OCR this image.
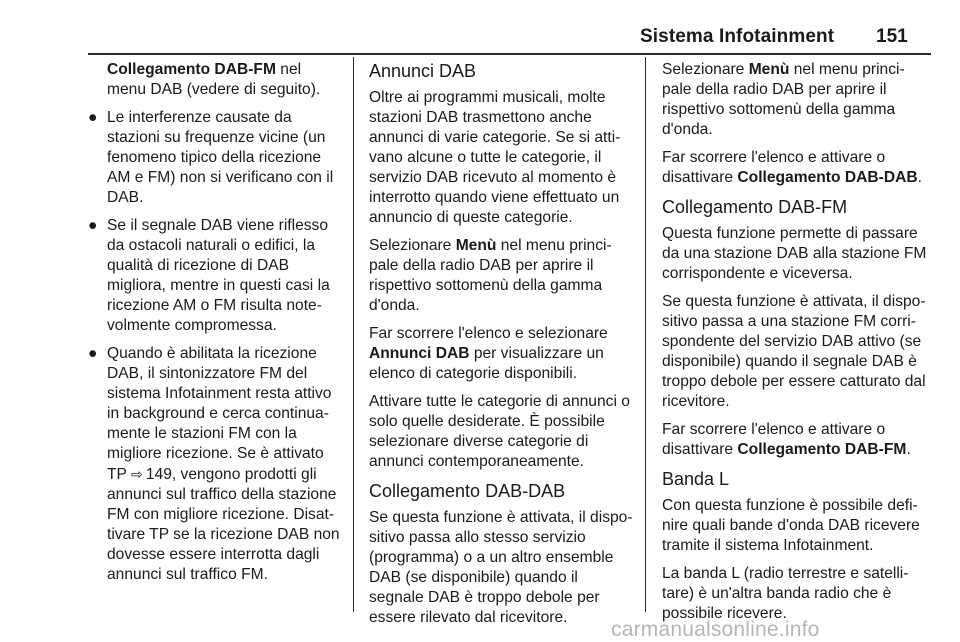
Sistema Infotainment 151

Collegamento DAB-FM nel menu DAB (vedere di seguito).

● Le interferenze causate da stazioni su frequenze vicine (un fenomeno tipico della ricezione AM e FM) non si verificano con il DAB.
● Se il segnale DAB viene riflesso da ostacoli naturali o edifici, la qualità di ricezione di DAB migliora, mentre in questi casi la ricezione AM o FM risulta note-volmente compromessa.
● Quando è abilitata la ricezione DAB, il sintonizzatore FM del sistema Infotainment resta attivo in background e cerca continua-mente le stazioni FM con la migliore ricezione. Se è attivato TP ⇨  149, vengono prodotti gli annunci sul traffico della stazione FM con migliore ricezione. Disat-tivare TP se la ricezione DAB non dovesse essere interrotta dagli annunci sul traffico FM.
Annunci DAB

Oltre ai programmi musicali, molte stazioni DAB trasmettono anche annunci di varie categorie. Se si atti-vano alcune o tutte le categorie, il servizio DAB ricevuto al momento è interrotto quando viene effettuato un annuncio di queste categorie.

Selezionare Menù nel menu princi-pale della radio DAB per aprire il rispettivo sottomenù della gamma d'onda.

Far scorrere l'elenco e selezionare Annunci DAB per visualizzare un elenco di categorie disponibili.

Attivare tutte le categorie di annunci o solo quelle desiderate. È possibile selezionare diverse categorie di annunci contemporaneamente.

Collegamento DAB-DAB

Se questa funzione è attivata, il dispo-sitivo passa allo stesso servizio (programma) o a un altro ensemble DAB (se disponibile) quando il segnale DAB è troppo debole per essere rilevato dal ricevitore.

Selezionare Menù nel menu princi-pale della radio DAB per aprire il rispettivo sottomenù della gamma d'onda.

Far scorrere l'elenco e attivare o disattivare Collegamento DAB-DAB.

Collegamento DAB-FM

Questa funzione permette di passare da una stazione DAB alla stazione FM corrispondente e viceversa.

Se questa funzione è attivata, il dispo-sitivo passa a una stazione FM corri-spondente del servizio DAB attivo (se disponibile) quando il segnale DAB è troppo debole per essere catturato dal ricevitore.

Far scorrere l'elenco e attivare o disattivare Collegamento DAB-FM.

Banda L

Con questa funzione è possibile defi-nire quali bande d'onda DAB ricevere tramite il sistema Infotainment.

La banda L (radio terrestre e satelli-tare) è un'altra banda radio che è possibile ricevere.

carmanualsonline.info
